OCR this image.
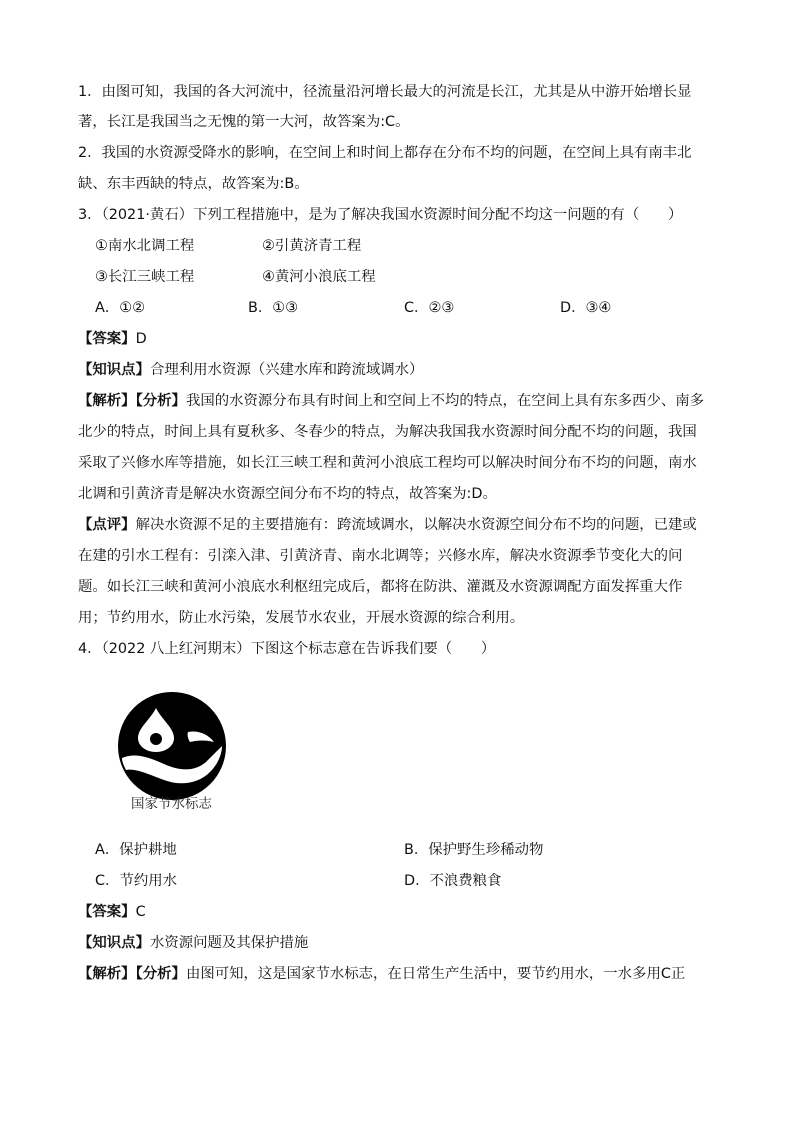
1．由图可知，我国的各大河流中，径流量沿河增长最大的河流是长江，尤其是从中游开始增长显
著，长江是我国当之无愧的第一大河，故答案为:C。
2．我国的水资源受降水的影响，在空间上和时间上都存在分布不均的问题，在空间上具有南丰北
缺、东丰西缺的特点，故答案为:B。
3．（2021·黄石）下列工程措施中，是为了解决我国水资源时间分配不均这一问题的有（　　）
①南水北调工程	②引黄济青工程
③长江三峡工程	④黄河小浪底工程
A．①②	B．①③	C．②③	D．③④
【答案】D
【知识点】合理利用水资源（兴建水库和跨流域调水）
【解析】【分析】我国的水资源分布具有时间上和空间上不均的特点，在空间上具有东多西少、南多
北少的特点，时间上具有夏秋多、冬春少的特点，为解决我国我水资源时间分配不均的问题，我国
采取了兴修水库等措施，如长江三峡工程和黄河小浪底工程均可以解决时间分布不均的问题，南水
北调和引黄济青是解决水资源空间分布不均的特点，故答案为:D。
【点评】解决水资源不足的主要措施有：跨流域调水，以解决水资源空间分布不均的问题，已建或
在建的引水工程有：引滦入津、引黄济青、南水北调等；兴修水库，解决水资源季节变化大的问
题。如长江三峡和黄河小浪底水利枢纽完成后，都将在防洪、灌溉及水资源调配方面发挥重大作
用；节约用水，防止水污染，发展节水农业，开展水资源的综合利用。
4．（2022 八上红河期末）下图这个标志意在告诉我们要（　　）
国家节水标志
A．保护耕地	B．保护野生珍稀动物
C．节约用水	D．不浪费粮食
【答案】C
【知识点】水资源问题及其保护措施
【解析】【分析】由图可知，这是国家节水标志，在日常生产生活中，要节约用水，一水多用C正
